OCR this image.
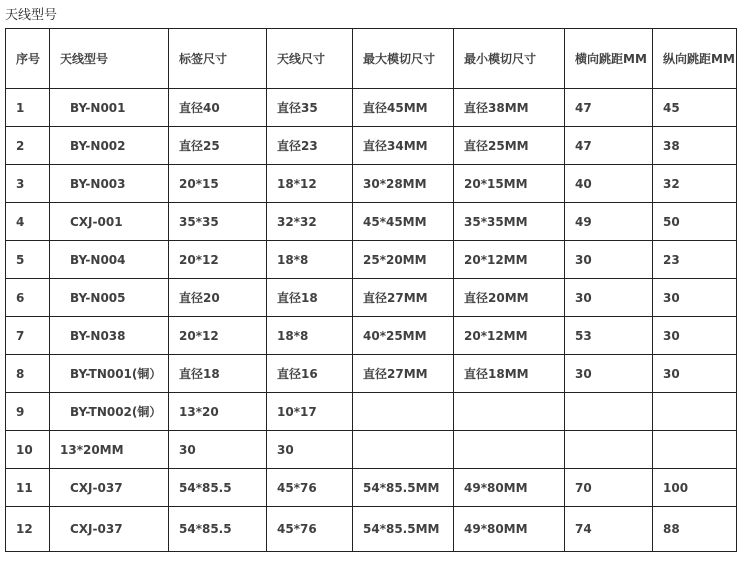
天线型号
序号	天线型号	标签尺寸	天线尺寸	最大模切尺寸	最小模切尺寸	横向跳距MM	纵向跳距MM
1	BY-N001	直径40	直径35	直径45MM	直径38MM	47	45
2	BY-N002	直径25	直径23	直径34MM	直径25MM	47	38
3	BY-N003	20*15	18*12	30*28MM	20*15MM	40	32
4	CXJ-001	35*35	32*32	45*45MM	35*35MM	49	50
5	BY-N004	20*12	18*8	25*20MM	20*12MM	30	23
6	BY-N005	直径20	直径18	直径27MM	直径20MM	30	30
7	BY-N038	20*12	18*8	40*25MM	20*12MM	53	30
8	BY-TN001(铜）	直径18	直径16	直径27MM	直径18MM	30	30
9	BY-TN002(铜）	13*20	10*17				
10	13*20MM	30	30				
11	CXJ-037	54*85.5	45*76	54*85.5MM	49*80MM	70	100
12	CXJ-037	54*85.5	45*76	54*85.5MM	49*80MM	74	88
